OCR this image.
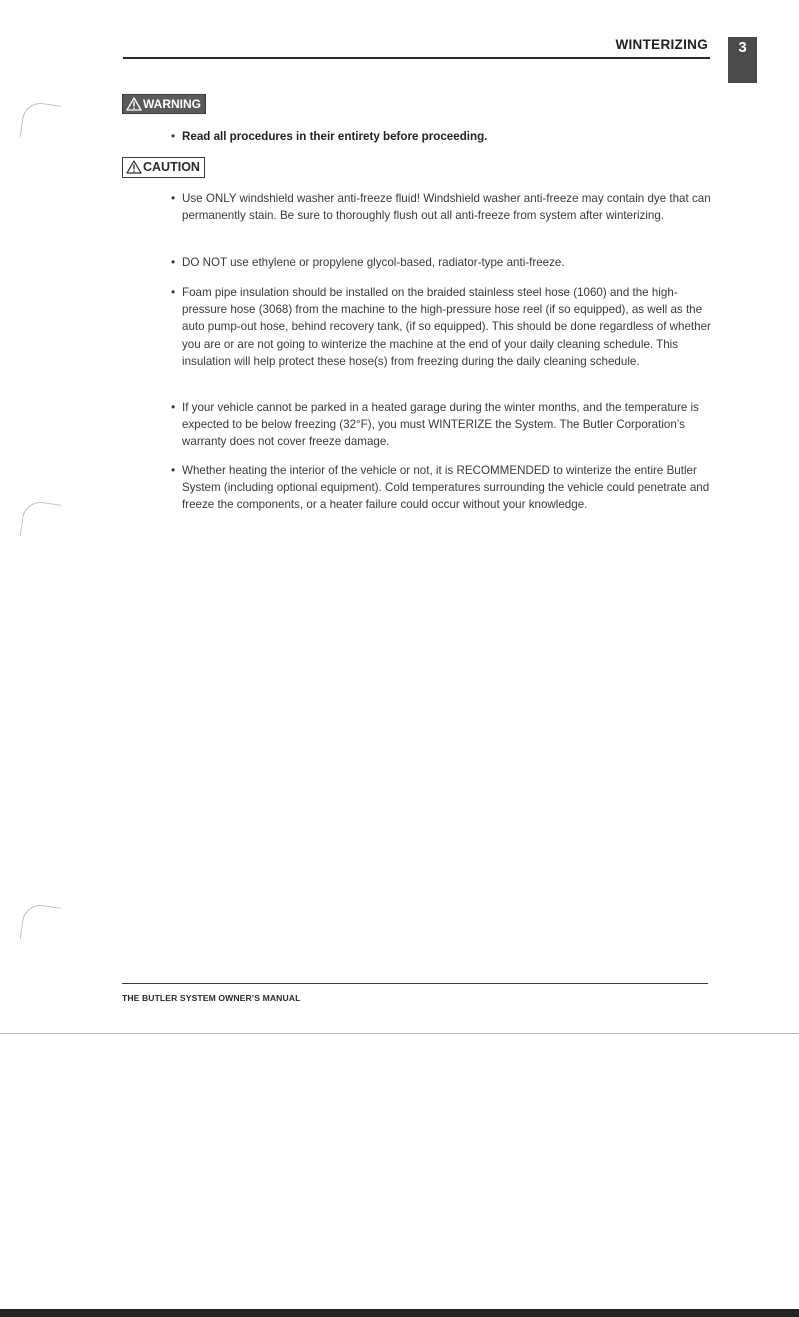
WINTERIZING	3
WARNING
CAUTION
• Read all procedures in their entirety before proceeding.
• Use ONLY windshield washer anti-freeze fluid! Windshield washer anti-freeze may contain dye that can permanently stain. Be sure to thoroughly flush out all anti-freeze from system after winterizing.
• DO NOT use ethylene or propylene glycol-based, radiator-type anti-freeze.
• Foam pipe insulation should be installed on the braided stainless steel hose (1060) and the high-pressure hose (3068) from the machine to the high-pressure hose reel (if so equipped), as well as the auto pump-out hose, behind recovery tank, (if so equipped). This should be done regardless of whether you are or are not going to winterize the machine at the end of your daily cleaning schedule. This insulation will help protect these hose(s) from freezing during the daily cleaning schedule.
• If your vehicle cannot be parked in a heated garage during the winter months, and the temperature is expected to be below freezing (32°F), you must WINTERIZE the System. The Butler Corporation’s warranty does not cover freeze damage.
• Whether heating the interior of the vehicle or not, it is RECOMMENDED to winterize the entire Butler System (including optional equipment). Cold temperatures surrounding the vehicle could penetrate and freeze the components, or a heater failure could occur without your knowledge.
THE BUTLER SYSTEM OWNER’S MANUAL
